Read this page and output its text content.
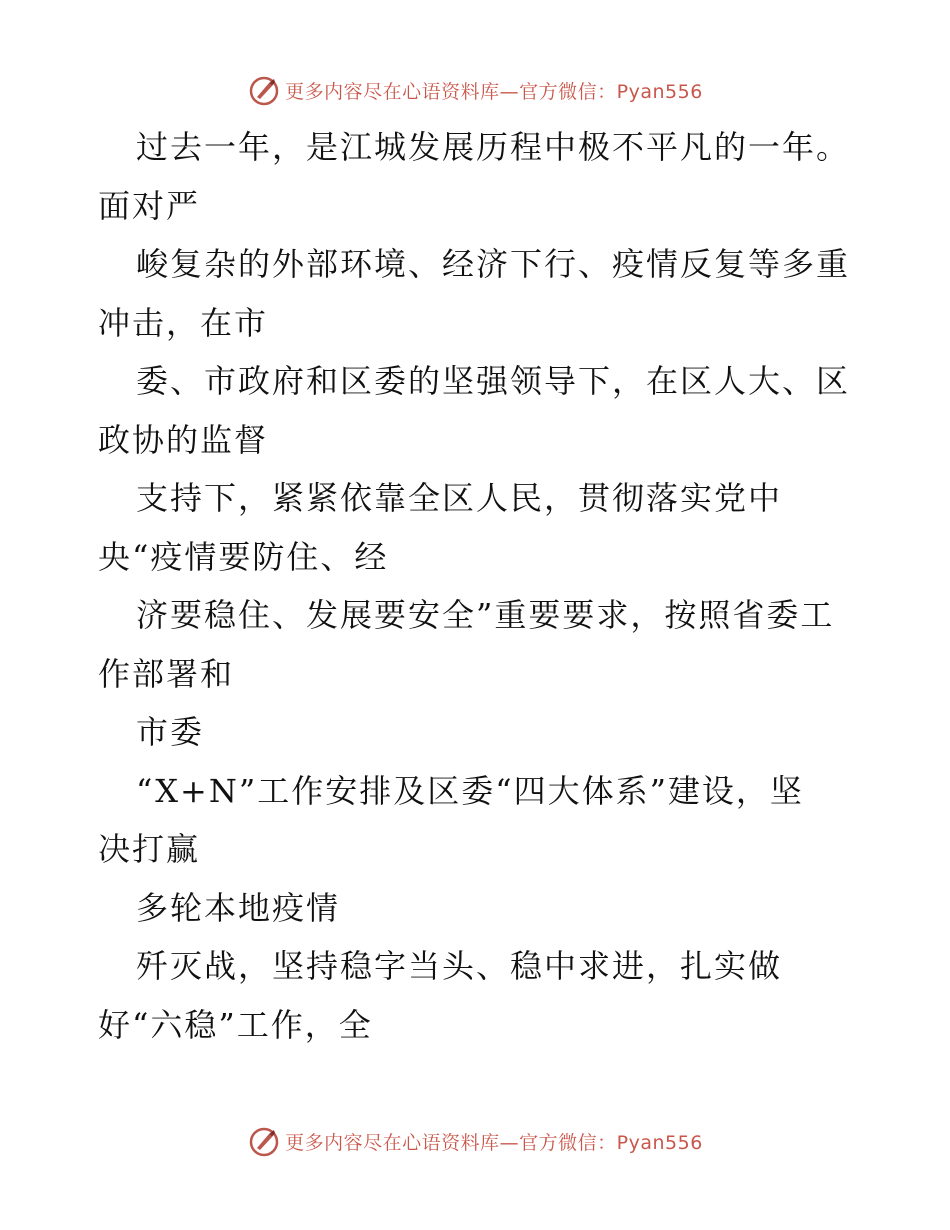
更多内容尽在心语资料库—官方微信：Pyan556
过去一年，是江城发展历程中极不平凡的一年。
面对严
峻复杂的外部环境、经济下行、疫情反复等多重
冲击，在市
委、市政府和区委的坚强领导下，在区人大、区
政协的监督
支持下，紧紧依靠全区人民，贯彻落实党中
央“疫情要防住、经
济要稳住、发展要安全”重要要求，按照省委工
作部署和
市委
“X+N”工作安排及区委“四大体系”建设，坚
决打赢
多轮本地疫情
歼灭战，坚持稳字当头、稳中求进，扎实做
好“六稳”工作，全
更多内容尽在心语资料库—官方微信：Pyan556
